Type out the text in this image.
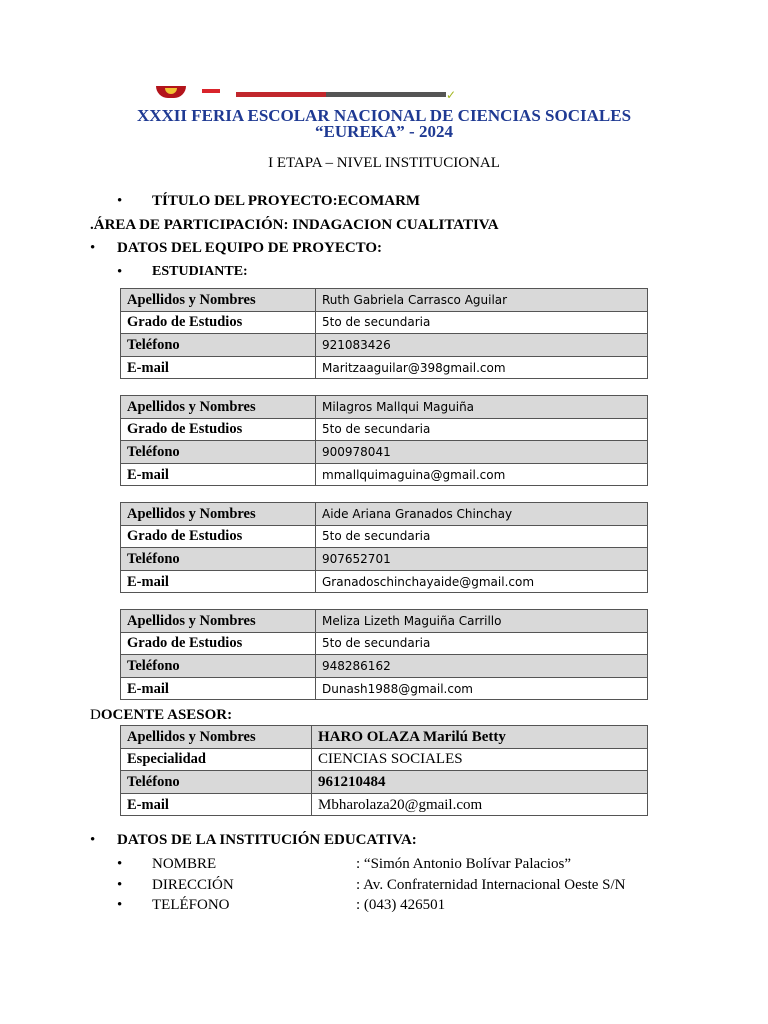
✓
XXXII FERIA ESCOLAR NACIONAL DE CIENCIAS SOCIALES
“EUREKA” - 2024
I ETAPA – NIVEL INSTITUCIONAL
• TÍTULO DEL PROYECTO:ECOMARM
.ÁREA DE PARTICIPACIÓN: INDAGACION CUALITATIVA
• DATOS DEL EQUIPO DE PROYECTO:
• ESTUDIANTE:
Apellidos y Nombres	Ruth Gabriela Carrasco Aguilar
Grado de Estudios	5to de secundaria
Teléfono	921083426
E-mail	Maritzaaguilar@398gmail.com
Apellidos y Nombres	Milagros Mallqui Maguiña
Grado de Estudios	5to de secundaria
Teléfono	900978041
E-mail	mmallquimaguina@gmail.com
Apellidos y Nombres	Aide Ariana Granados Chinchay
Grado de Estudios	5to de secundaria
Teléfono	907652701
E-mail	Granadoschinchayaide@gmail.com
Apellidos y Nombres	Meliza Lizeth Maguiña Carrillo
Grado de Estudios	5to de secundaria
Teléfono	948286162
E-mail	Dunash1988@gmail.com
DOCENTE ASESOR:
Apellidos y Nombres	HARO OLAZA Marilú Betty
Especialidad	CIENCIAS SOCIALES
Teléfono	961210484
E-mail	Mbharolaza20@gmail.com
• DATOS DE LA INSTITUCIÓN EDUCATIVA:
• NOMBRE	: “Simón Antonio Bolívar Palacios”
• DIRECCIÓN	: Av. Confraternidad Internacional Oeste S/N
• TELÉFONO	: (043) 426501
